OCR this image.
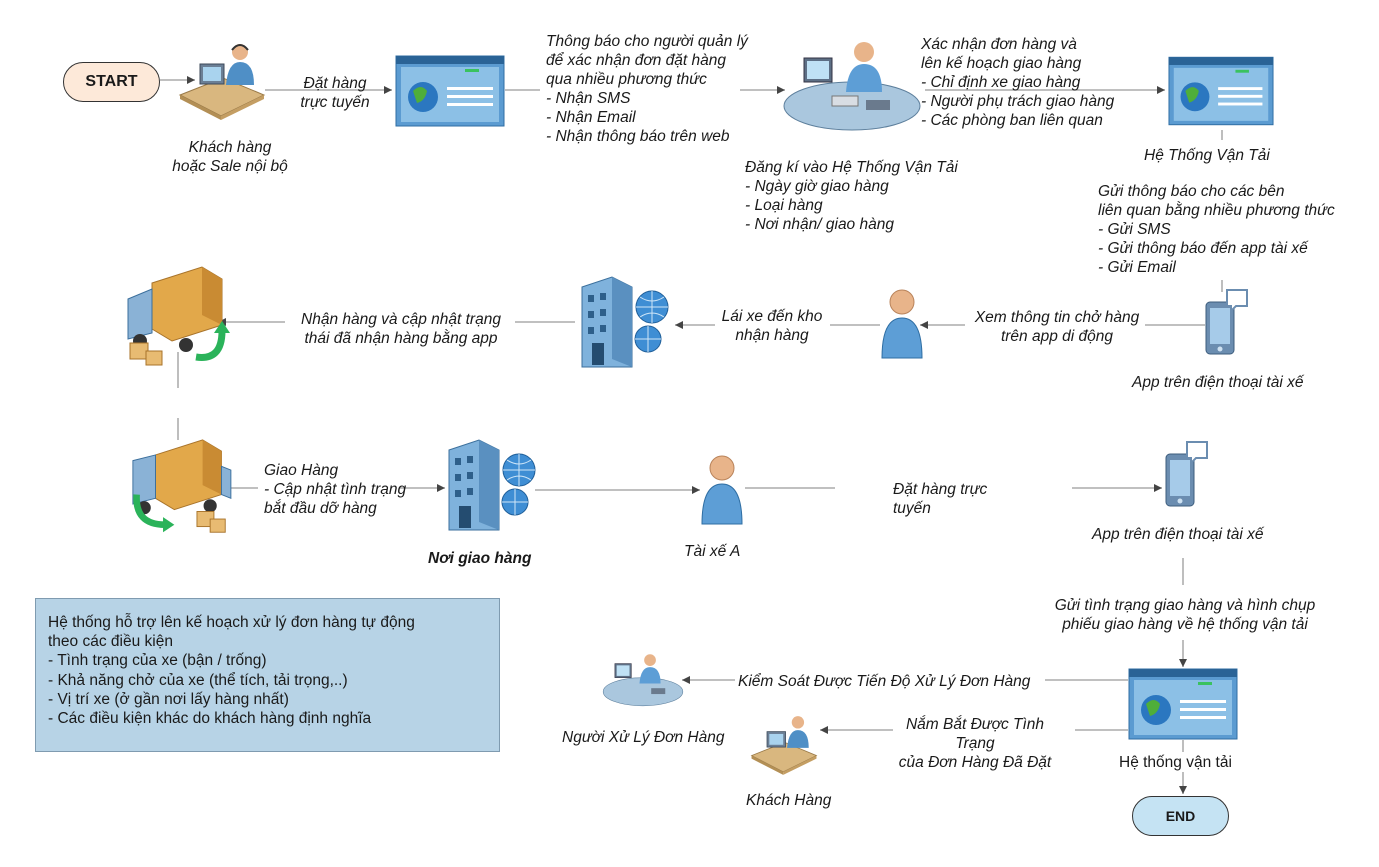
START
END
Khách hàng
hoặc Sale nội bộ
Đặt hàng
trực tuyến
Thông báo cho người quản lý
để xác nhận đơn đặt hàng
qua nhiều phương thức
- Nhận SMS
- Nhận Email
- Nhận thông báo trên web
Xác nhận đơn hàng và
lên kế hoạch giao hàng
- Chỉ định xe giao hàng
- Người phụ trách giao hàng
- Các phòng ban liên quan
Đăng kí vào Hệ Thống Vận Tải
- Ngày giờ giao hàng
- Loại hàng
- Nơi nhận/ giao hàng
Hệ Thống Vận Tải
Gửi thông báo cho các bên
liên quan bằng nhiều phương thức
- Gửi SMS
- Gửi thông báo đến app tài xế
- Gửi Email
App trên điện thoại tài xế
Xem thông tin chở hàng
trên app di động
Lái xe đến kho
nhận hàng
Nhận hàng và cập nhật trạng
thái đã nhận hàng bằng app
Giao Hàng
- Cập nhật tình trạng
bắt đầu dỡ hàng
Nơi giao hàng	Tài xế A
Đặt hàng trực
tuyến
App trên điện thoại tài xế
Gửi tình trạng giao hàng và hình chụp
phiếu giao hàng về hệ thống vận tải
Kiểm Soát Được Tiến Độ Xử Lý Đơn Hàng
Người Xử Lý Đơn Hàng
Nắm Bắt Được Tình
Trạng
của Đơn Hàng Đã Đặt
Khách Hàng
Hệ thống vận tải
Hệ thống hỗ trợ lên kế hoạch xử lý đơn hàng tự động
theo các điều kiện
- Tình trạng của xe (bận / trống)
- Khả năng chở của xe (thể tích, tải trọng,..)
- Vị trí xe (ở gần nơi lấy hàng nhất)
- Các điều kiện khác do khách hàng định nghĩa
